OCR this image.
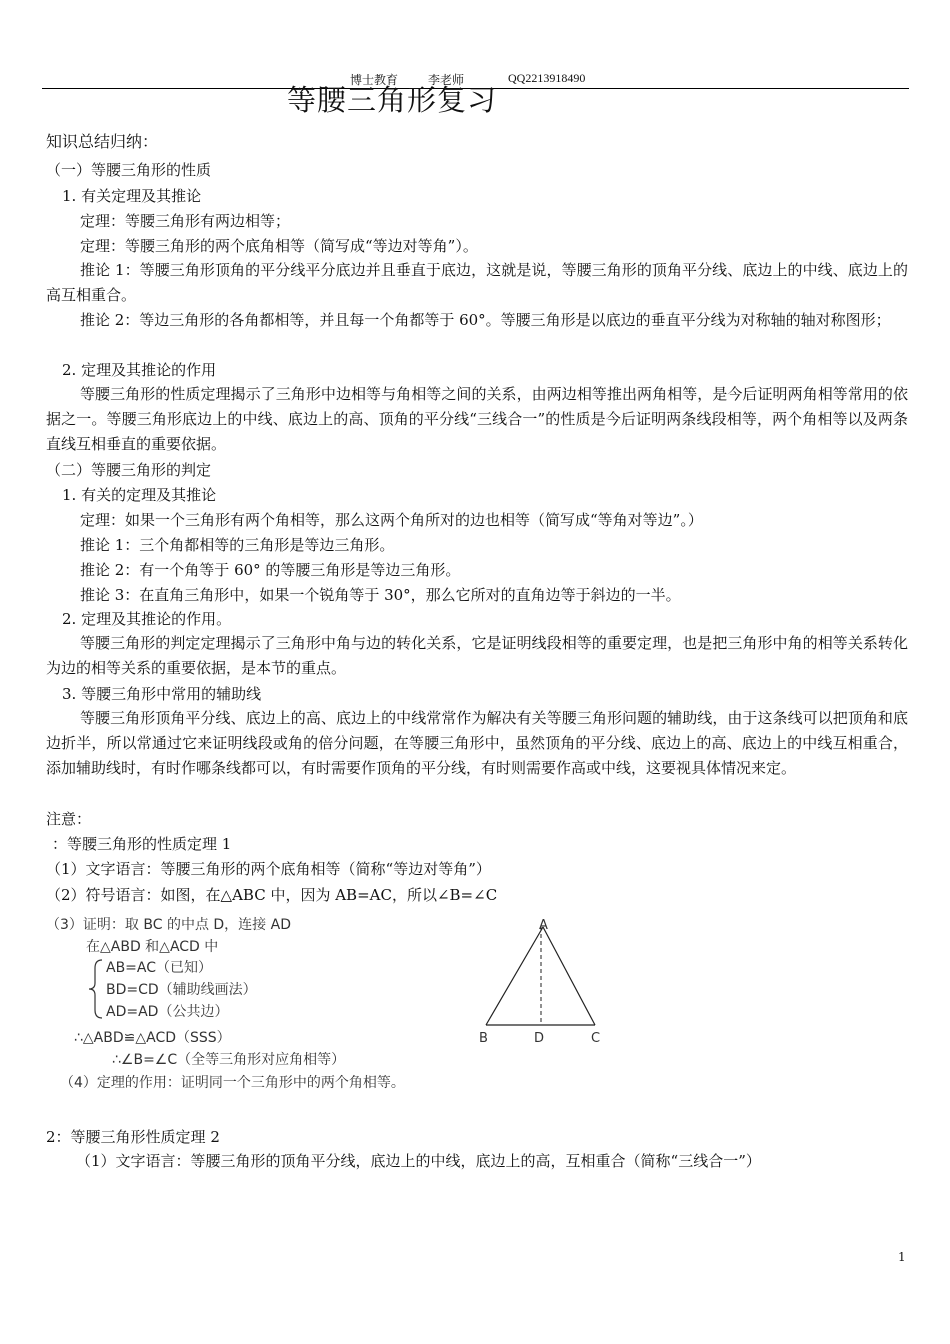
博士教育 李老师	QQ2213918490
等腰三角形复习
知识总结归纳：
（一）等腰三角形的性质
1. 有关定理及其推论
定理：等腰三角形有两边相等；
定理：等腰三角形的两个底角相等（简写成“等边对等角”）。
推论 1：等腰三角形顶角的平分线平分底边并且垂直于底边，这就是说，等腰三角形的顶角平分线、底边上的中线、底边上的高互相重合。
推论 2：等边三角形的各角都相等，并且每一个角都等于 60°。等腰三角形是以底边的垂直平分线为对称轴的轴对称图形；
2. 定理及其推论的作用
等腰三角形的性质定理揭示了三角形中边相等与角相等之间的关系，由两边相等推出两角相等，是今后证明两角相等常用的依据之一。等腰三角形底边上的中线、底边上的高、顶角的平分线“三线合一”的性质是今后证明两条线段相等，两个角相等以及两条直线互相垂直的重要依据。
（二）等腰三角形的判定
1. 有关的定理及其推论
定理：如果一个三角形有两个角相等，那么这两个角所对的边也相等（简写成“等角对等边”。）
推论 1：三个角都相等的三角形是等边三角形。
推论 2：有一个角等于 60° 的等腰三角形是等边三角形。
推论 3：在直角三角形中，如果一个锐角等于 30°，那么它所对的直角边等于斜边的一半。
2. 定理及其推论的作用。
等腰三角形的判定定理揭示了三角形中角与边的转化关系，它是证明线段相等的重要定理，也是把三角形中角的相等关系转化为边的相等关系的重要依据，是本节的重点。
3. 等腰三角形中常用的辅助线
等腰三角形顶角平分线、底边上的高、底边上的中线常常作为解决有关等腰三角形问题的辅助线，由于这条线可以把顶角和底边折半，所以常通过它来证明线段或角的倍分问题，在等腰三角形中，虽然顶角的平分线、底边上的高、底边上的中线互相重合，添加辅助线时，有时作哪条线都可以，有时需要作顶角的平分线，有时则需要作高或中线，这要视具体情况来定。
注意：
：等腰三角形的性质定理 1
（1）文字语言：等腰三角形的两个底角相等（简称“等边对等角”）
（2）符号语言：如图，在△ABC 中，因为 AB=AC，所以∠B=∠C
（3）证明：取 BC 的中点 D，连接 AD
在△ABD 和△ACD 中
AB=AC（已知）
BD=CD（辅助线画法）
AD=AD（公共边）
∴△ABD≌△ACD（SSS）
∴∠B=∠C（全等三角形对应角相等）
（4）定理的作用：证明同一个三角形中的两个角相等。
A
B	D	C
2：等腰三角形性质定理 2
（1）文字语言：等腰三角形的顶角平分线，底边上的中线，底边上的高，互相重合（简称“三线合一”）
1
